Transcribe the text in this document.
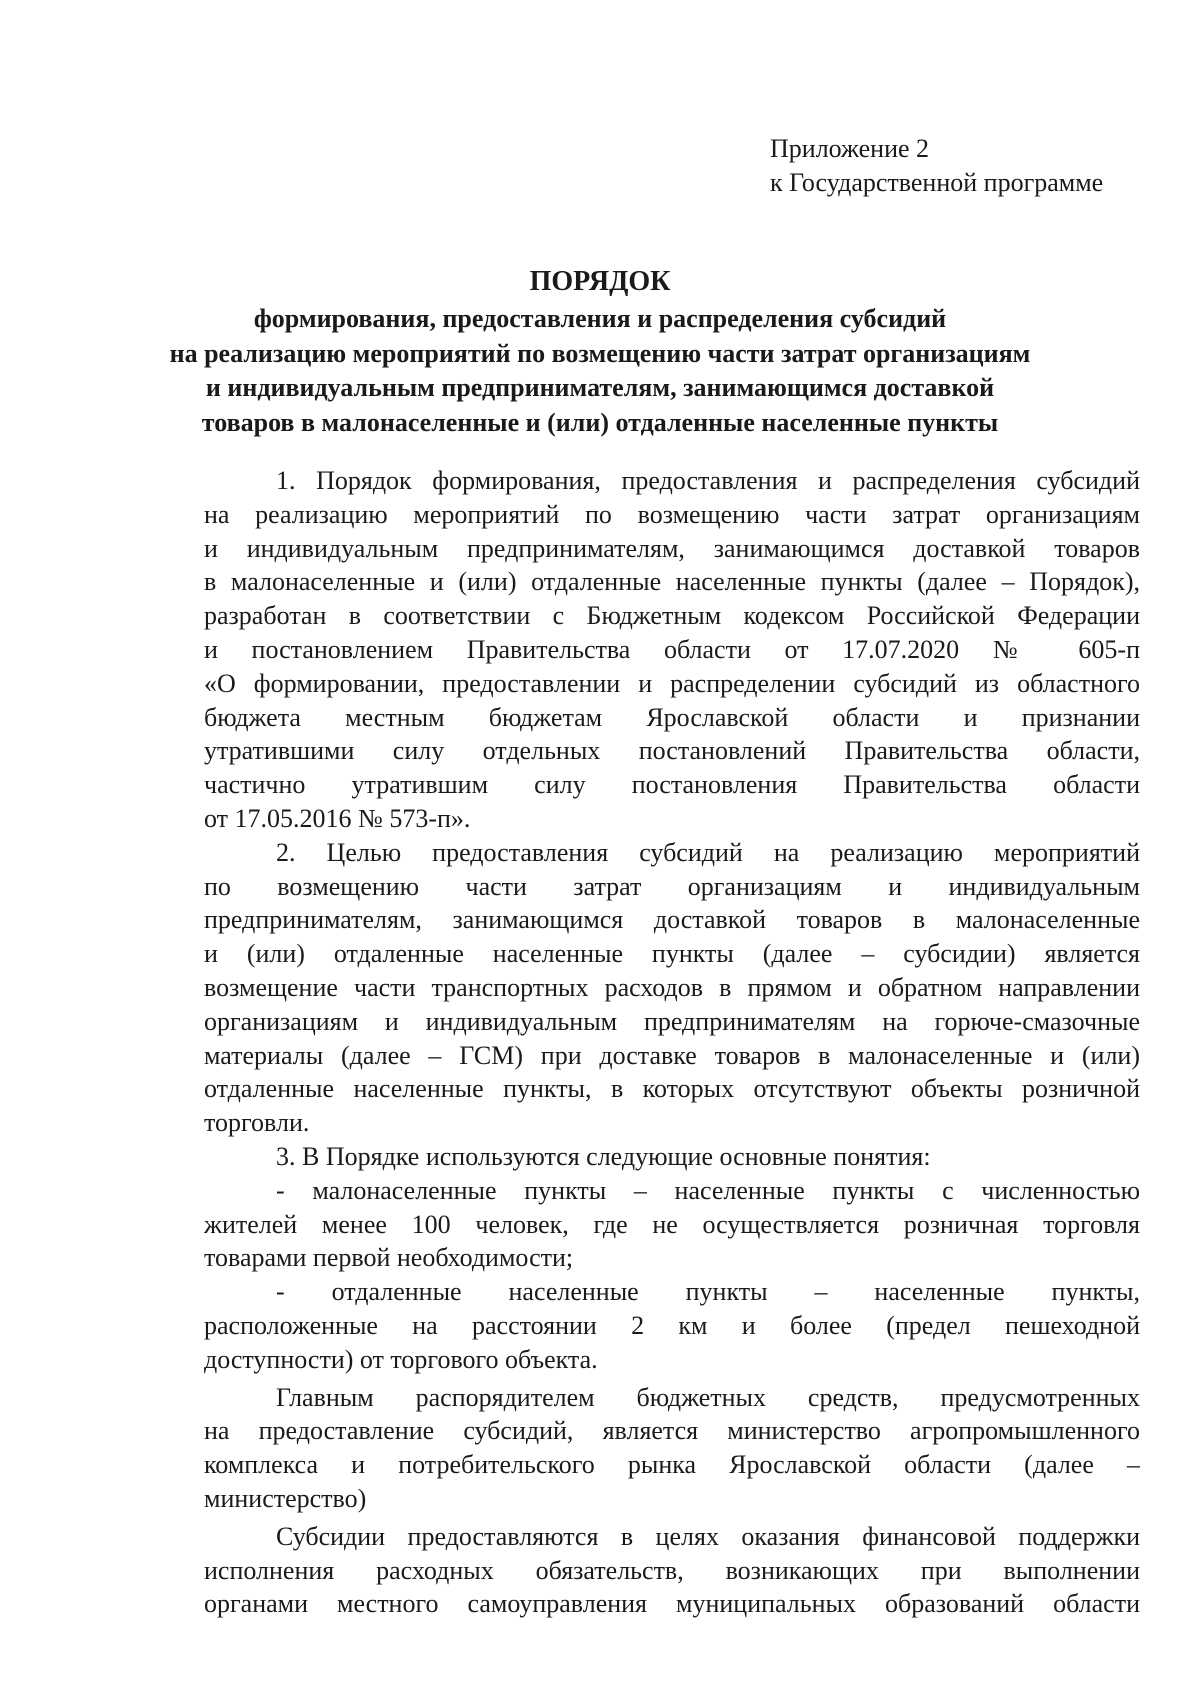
Приложение 2
к Государственной программе
ПОРЯДОК
формирования, предоставления и распределения субсидий
на реализацию мероприятий по возмещению части затрат организациям
и индивидуальным предпринимателям, занимающимся доставкой
товаров в малонаселенные и (или) отдаленные населенные пункты
1. Порядок формирования, предоставления и распределения субсидий
на реализацию мероприятий по возмещению части затрат организациям
и индивидуальным предпринимателям, занимающимся доставкой товаров
в малонаселенные и (или) отдаленные населенные пункты (далее – Порядок),
разработан в соответствии с Бюджетным кодексом Российской Федерации
и постановлением Правительства области от 17.07.2020 № 605-п
«О формировании, предоставлении и распределении субсидий из областного
бюджета местным бюджетам Ярославской области и признании
утратившими силу отдельных постановлений Правительства области,
частично утратившим силу постановления Правительства области
от 17.05.2016 № 573-п».
2. Целью предоставления субсидий на реализацию мероприятий
по возмещению части затрат организациям и индивидуальным
предпринимателям, занимающимся доставкой товаров в малонаселенные
и (или) отдаленные населенные пункты (далее – субсидии) является
возмещение части транспортных расходов в прямом и обратном направлении
организациям и индивидуальным предпринимателям на горюче-смазочные
материалы (далее – ГСМ) при доставке товаров в малонаселенные и (или)
отдаленные населенные пункты, в которых отсутствуют объекты розничной
торговли.
3. В Порядке используются следующие основные понятия:
- малонаселенные пункты – населенные пункты с численностью
жителей менее 100 человек, где не осуществляется розничная торговля
товарами первой необходимости;
- отдаленные населенные пункты – населенные пункты,
расположенные на расстоянии 2 км и более (предел пешеходной
доступности) от торгового объекта.
Главным распорядителем бюджетных средств, предусмотренных
на предоставление субсидий, является министерство агропромышленного
комплекса и потребительского рынка Ярославской области (далее –
министерство)
Субсидии предоставляются в целях оказания финансовой поддержки
исполнения расходных обязательств, возникающих при выполнении
органами местного самоуправления муниципальных образований области
